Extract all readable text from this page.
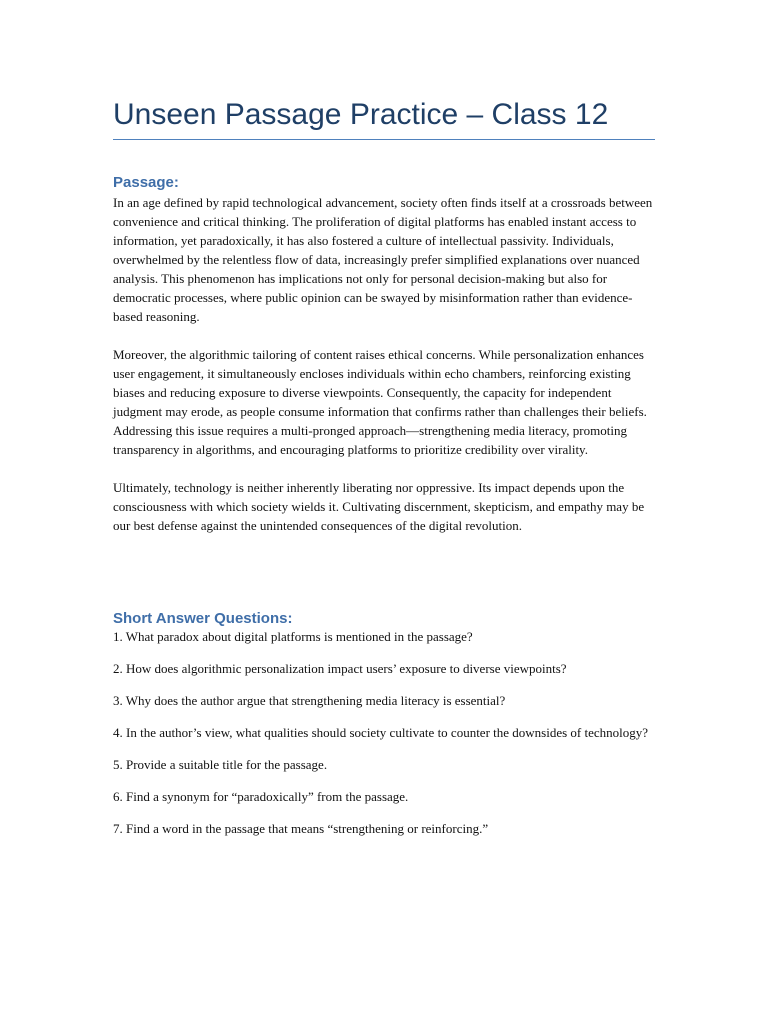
Unseen Passage Practice – Class 12
Passage:

In an age defined by rapid technological advancement, society often finds itself at a crossroads between convenience and critical thinking. The proliferation of digital platforms has enabled instant access to information, yet paradoxically, it has also fostered a culture of intellectual passivity. Individuals, overwhelmed by the relentless flow of data, increasingly prefer simplified explanations over nuanced analysis. This phenomenon has implications not only for personal decision-making but also for democratic processes, where public opinion can be swayed by misinformation rather than evidence-based reasoning.

Moreover, the algorithmic tailoring of content raises ethical concerns. While personalization enhances user engagement, it simultaneously encloses individuals within echo chambers, reinforcing existing biases and reducing exposure to diverse viewpoints. Consequently, the capacity for independent judgment may erode, as people consume information that confirms rather than challenges their beliefs. Addressing this issue requires a multi-pronged approach—strengthening media literacy, promoting transparency in algorithms, and encouraging platforms to prioritize credibility over virality.

Ultimately, technology is neither inherently liberating nor oppressive. Its impact depends upon the consciousness with which society wields it. Cultivating discernment, skepticism, and empathy may be our best defense against the unintended consequences of the digital revolution.

Short Answer Questions:

1. What paradox about digital platforms is mentioned in the passage?

2. How does algorithmic personalization impact users’ exposure to diverse viewpoints?

3. Why does the author argue that strengthening media literacy is essential?

4. In the author’s view, what qualities should society cultivate to counter the downsides of technology?

5. Provide a suitable title for the passage.

6. Find a synonym for “paradoxically” from the passage.

7. Find a word in the passage that means “strengthening or reinforcing.”
